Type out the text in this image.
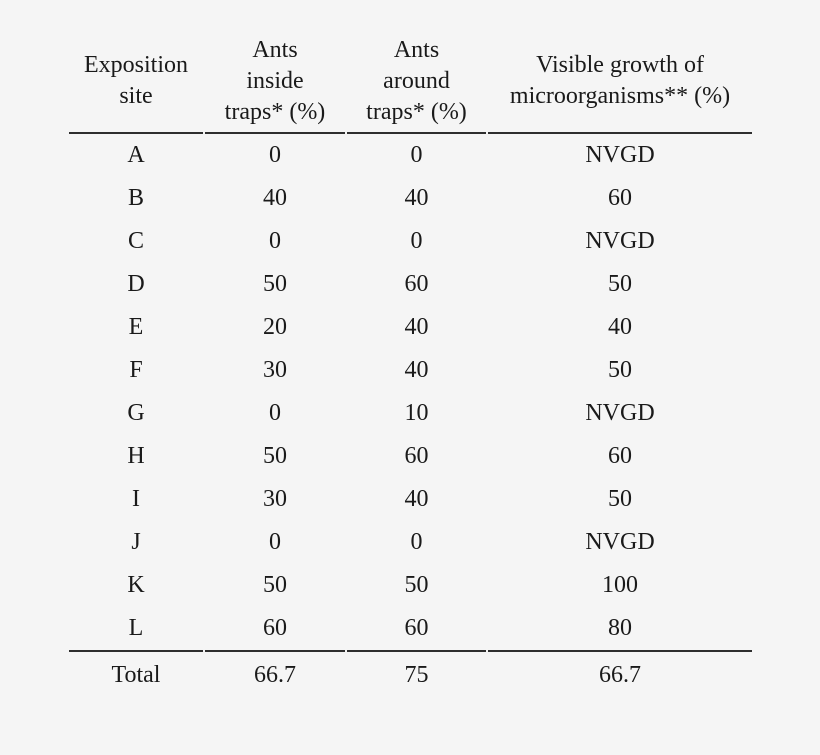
Exposition
site	Ants
inside
traps* (%)	Ants
around
traps* (%)	Visible growth of
microorganisms** (%)

A	0	0	NVGD
B	40	40	60
C	0	0	NVGD
D	50	60	50
E	20	40	40
F	30	40	50
G	0	10	NVGD
H	50	60	60
I	30	40	50
J	0	0	NVGD
K	50	50	100
L	60	60	80
Total	66.7	75	66.7
